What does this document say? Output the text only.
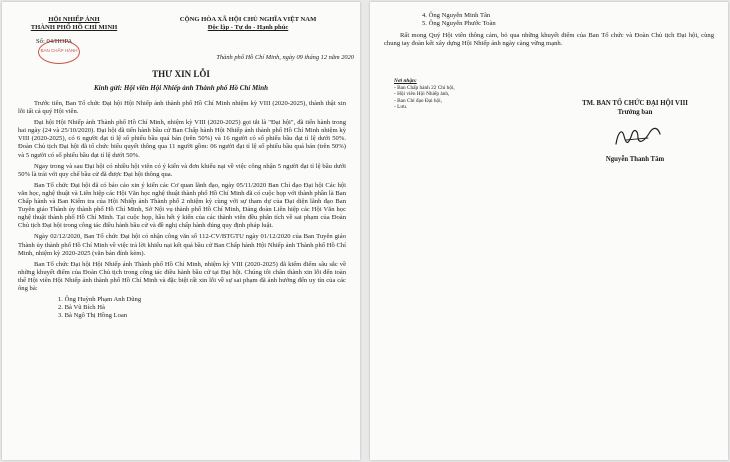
HỘI NHIẾP ẢNH
THÀNH PHỐ HỒ CHÍ MINH
Số: 04/HOPA
BAN CHẤP HÀNH
CỘNG HÒA XÃ HỘI CHỦ NGHĨA VIỆT NAM
Độc lập - Tự do - Hạnh phúc
Thành phố Hồ Chí Minh, ngày 09 tháng 12 năm 2020
THƯ XIN LỖI
Kính gửi: Hội viên Hội Nhiếp ảnh Thành phố Hồ Chí Minh

Trước tiên, Ban Tổ chức Đại hội Hội Nhiếp ảnh thành phố Hồ Chí Minh nhiệm kỳ VIII (2020-2025), thành thật xin lỗi tất cả quý Hội viên.

Đại hội Hội Nhiếp ảnh Thành phố Hồ Chí Minh, nhiệm kỳ VIII (2020-2025) gọi tắt là "Đại hội", đã tiến hành trong hai ngày (24 và 25/10/2020). Đại hội đã tiến hành bầu cử Ban Chấp hành Hội Nhiếp ảnh thành phố Hồ Chí Minh nhiệm kỳ VIII (2020-2025), có 6 người đạt tỉ lệ số phiếu bầu quá bán (trên 50%) và 16 người có số phiếu bầu đạt tỉ lệ dưới 50%. Đoàn Chủ tịch Đại hội đã tổ chức biểu quyết thông qua 11 người gồm: 06 người đạt tỉ lệ số phiếu bầu quá bán (trên 50%) và 5 người có số phiếu bầu đạt tỉ lệ dưới 50%.

Ngay trong và sau Đại hội có nhiều hội viên có ý kiến và đơn khiếu nại về việc công nhận 5 người đạt tỉ lệ bầu dưới 50% là trái với quy chế bầu cử đã được Đại hội thông qua.

Ban Tổ chức Đại hội đã có báo cáo xin ý kiến các Cơ quan lãnh đạo, ngày 05/11/2020 Ban Chỉ đạo Đại hội Các hội văn học, nghệ thuật và Liên hiệp các Hội Văn học nghệ thuật thành phố Hồ Chí Minh đã có cuộc họp với thành phần là Ban Chấp hành và Ban Kiểm tra của Hội Nhiếp ảnh Thành phố 2 nhiệm kỳ cùng với sự tham dự của Đại diện lãnh đạo Ban Tuyên giáo Thành ủy thành phố Hồ Chí Minh, Sở Nội vụ thành phố Hồ Chí Minh, Đảng đoàn Liên hiệp các Hội Văn học nghệ thuật thành phố Hồ Chí Minh. Tại cuộc họp, hầu hết ý kiến của các thành viên đều phân tích về sai phạm của Đoàn Chủ tịch Đại hội trong công tác điều hành bầu cử và đề nghị chấp hành đúng quy định pháp luật.

Ngày 02/12/2020, Ban Tổ chức Đại hội có nhận công văn số 112-CV/BTGTU ngày 01/12/2020 của Ban Tuyên giáo Thành ủy thành phố Hồ Chí Minh về việc trả lời khiếu nại kết quả bầu cử Ban Chấp hành Hội Nhiếp ảnh Thành phố Hồ Chí Minh, nhiệm kỳ 2020-2025 (văn bản đính kèm).

Ban Tổ chức Đại hội Hội Nhiếp ảnh Thành phố Hồ Chí Minh, nhiệm kỳ VIII (2020-2025) đã kiểm điểm sâu sắc về những khuyết điểm của Đoàn Chủ tịch trong công tác điều hành bầu cử tại Đại hội. Chúng tôi chân thành xin lỗi đến toàn thể Hội viên Hội Nhiếp ảnh thành phố Hồ Chí Minh và đặc biệt rất xin lỗi về sự sai phạm đã ảnh hưởng đến uy tín của các ông bà:

1. Ông Huỳnh Phạm Anh Dũng
2. Bà Vũ Bích Hà
3. Bà Ngô Thị Hồng Loan
4. Ông Nguyễn Minh Tân
5. Ông Nguyễn Phước Toàn

Rất mong Quý Hội viên thông cảm, bỏ qua những khuyết điểm của Ban Tổ chức và Đoàn Chủ tịch Đại hội, cùng chung tay đoàn kết xây dựng Hội Nhiếp ảnh ngày càng vững mạnh.

Nơi nhận:
- Ban Chấp hành 22 Chi hội,
- Hội viên Hội Nhiếp ảnh,
- Ban Chỉ đạo Đại hội,
- Lưu.	TM. BAN TỔ CHỨC ĐẠI HỘI VIII
Trưởng ban
Nguyễn Thanh Tâm
